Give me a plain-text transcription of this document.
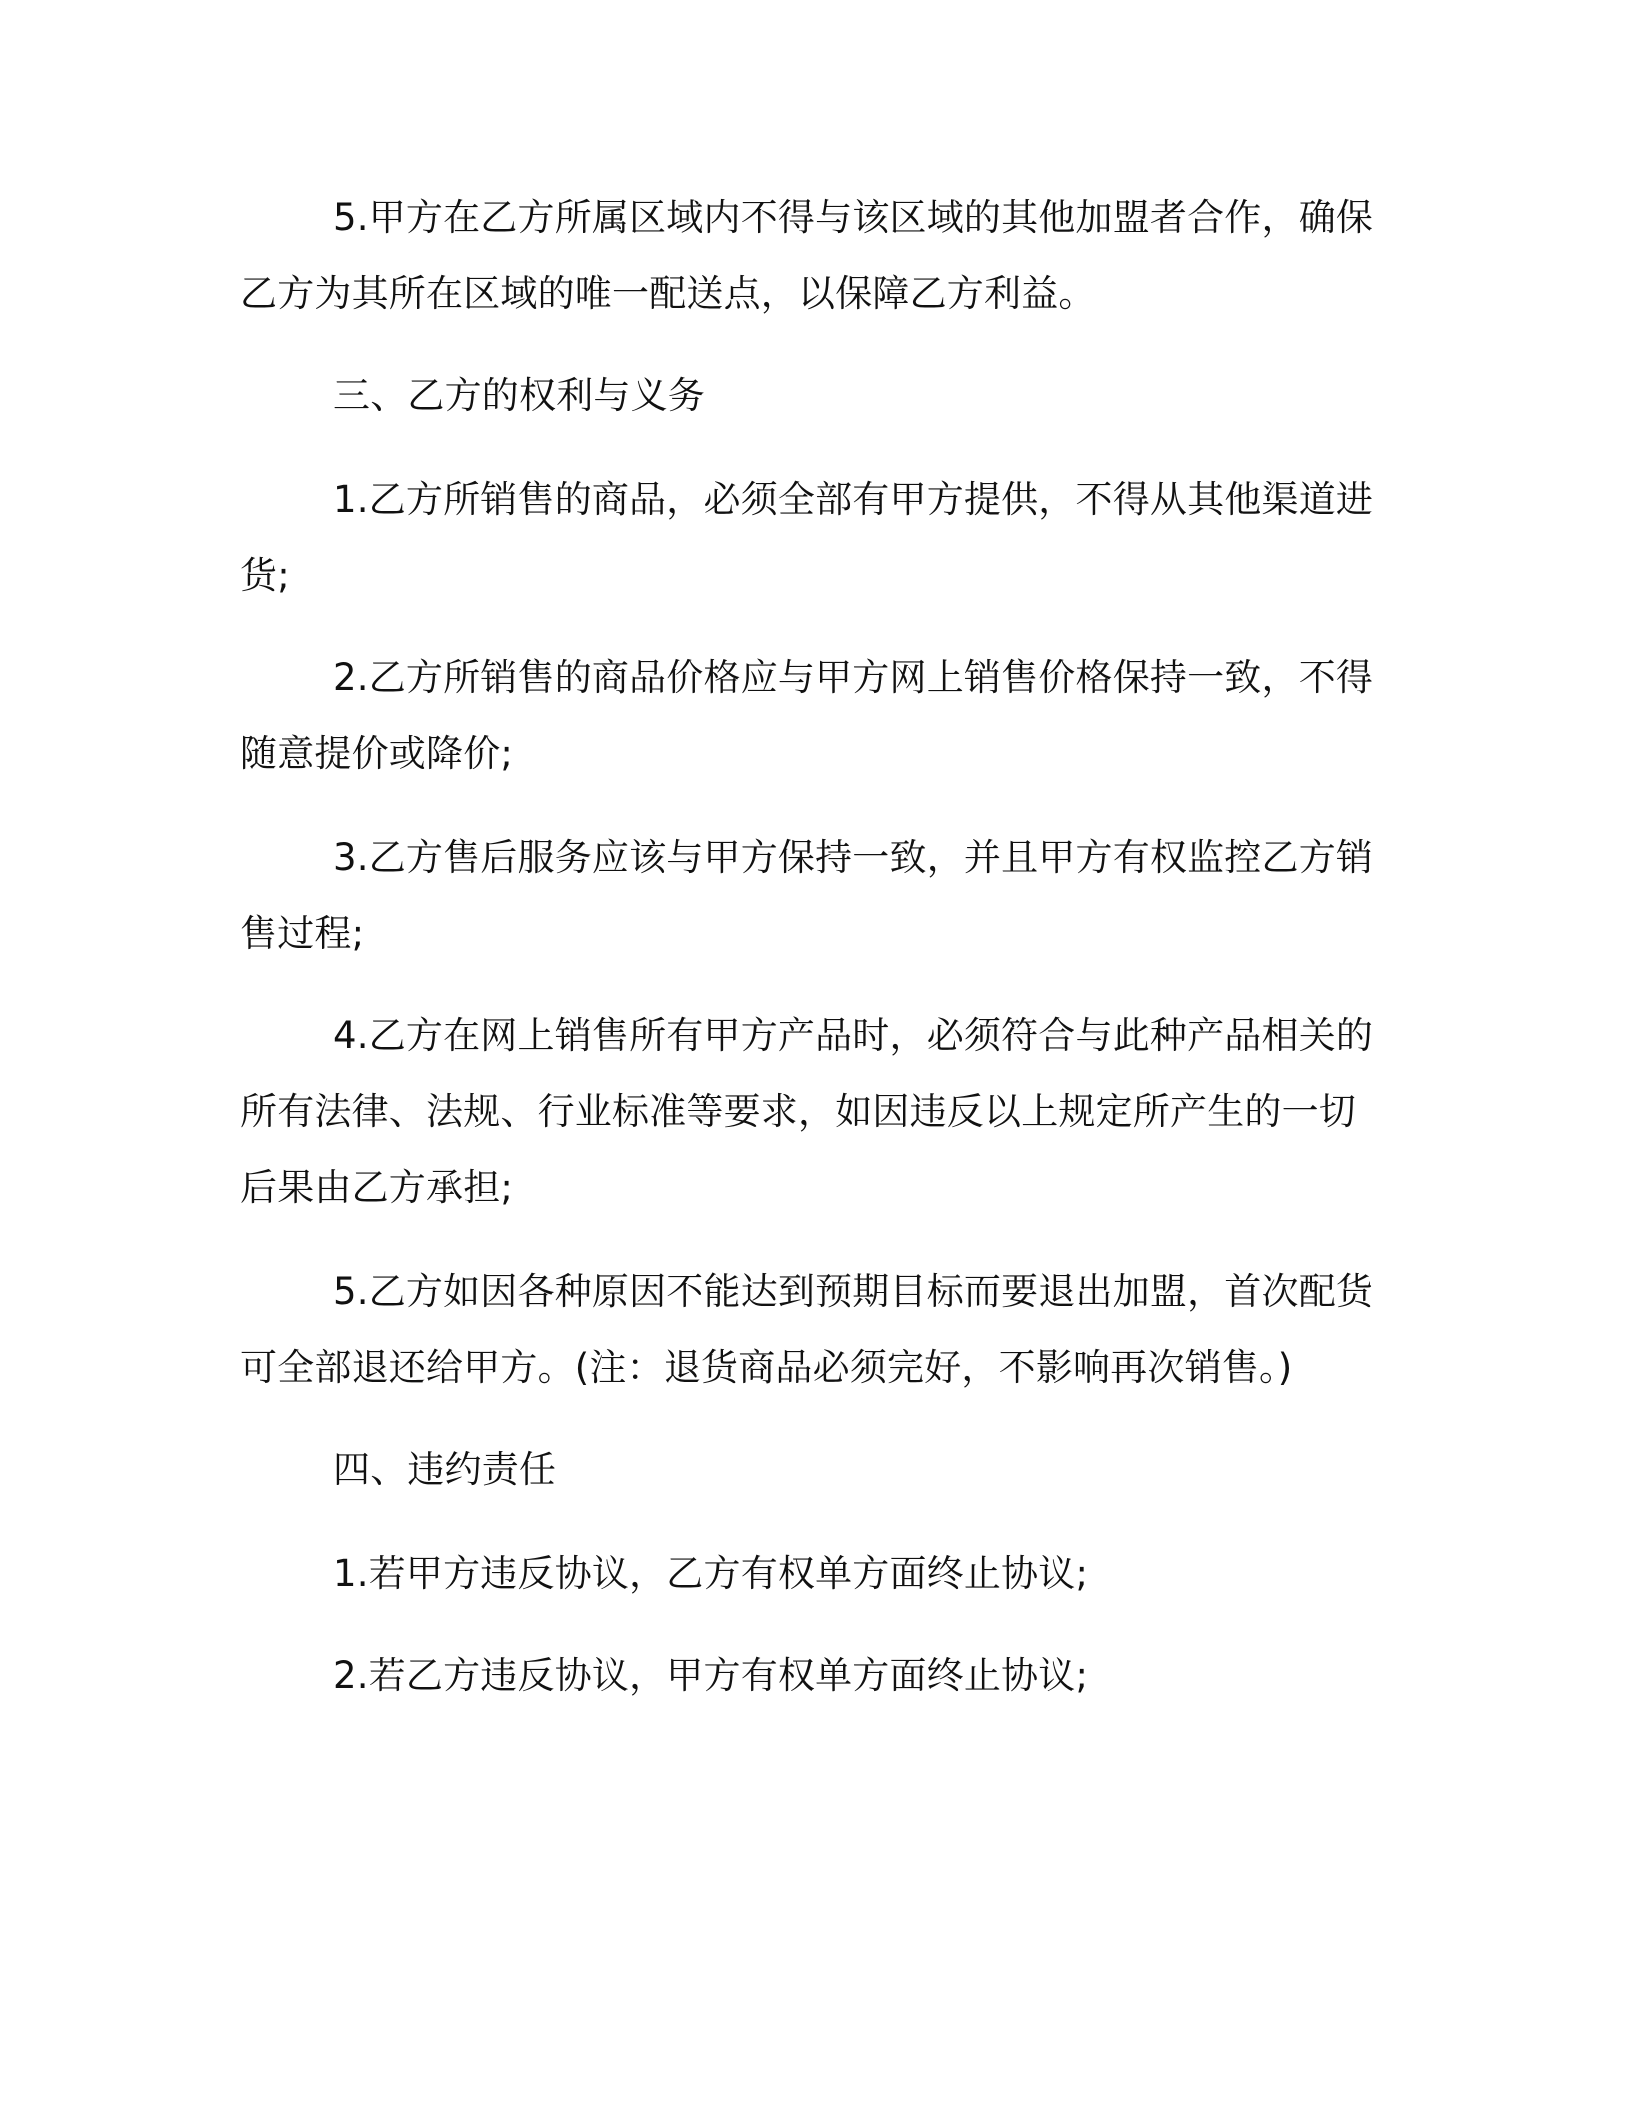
5.甲方在乙方所属区域内不得与该区域的其他加盟者合作，确保
乙方为其所在区域的唯一配送点，以保障乙方利益。
三、乙方的权利与义务
1.乙方所销售的商品，必须全部有甲方提供，不得从其他渠道进
货;
2.乙方所销售的商品价格应与甲方网上销售价格保持一致，不得
随意提价或降价;
3.乙方售后服务应该与甲方保持一致，并且甲方有权监控乙方销
售过程;
4.乙方在网上销售所有甲方产品时，必须符合与此种产品相关的
所有法律、法规、行业标准等要求，如因违反以上规定所产生的一切
后果由乙方承担;
5.乙方如因各种原因不能达到预期目标而要退出加盟，首次配货
可全部退还给甲方。(注：退货商品必须完好，不影响再次销售。)
四、违约责任
1.若甲方违反协议，乙方有权单方面终止协议;
2.若乙方违反协议，甲方有权单方面终止协议;
